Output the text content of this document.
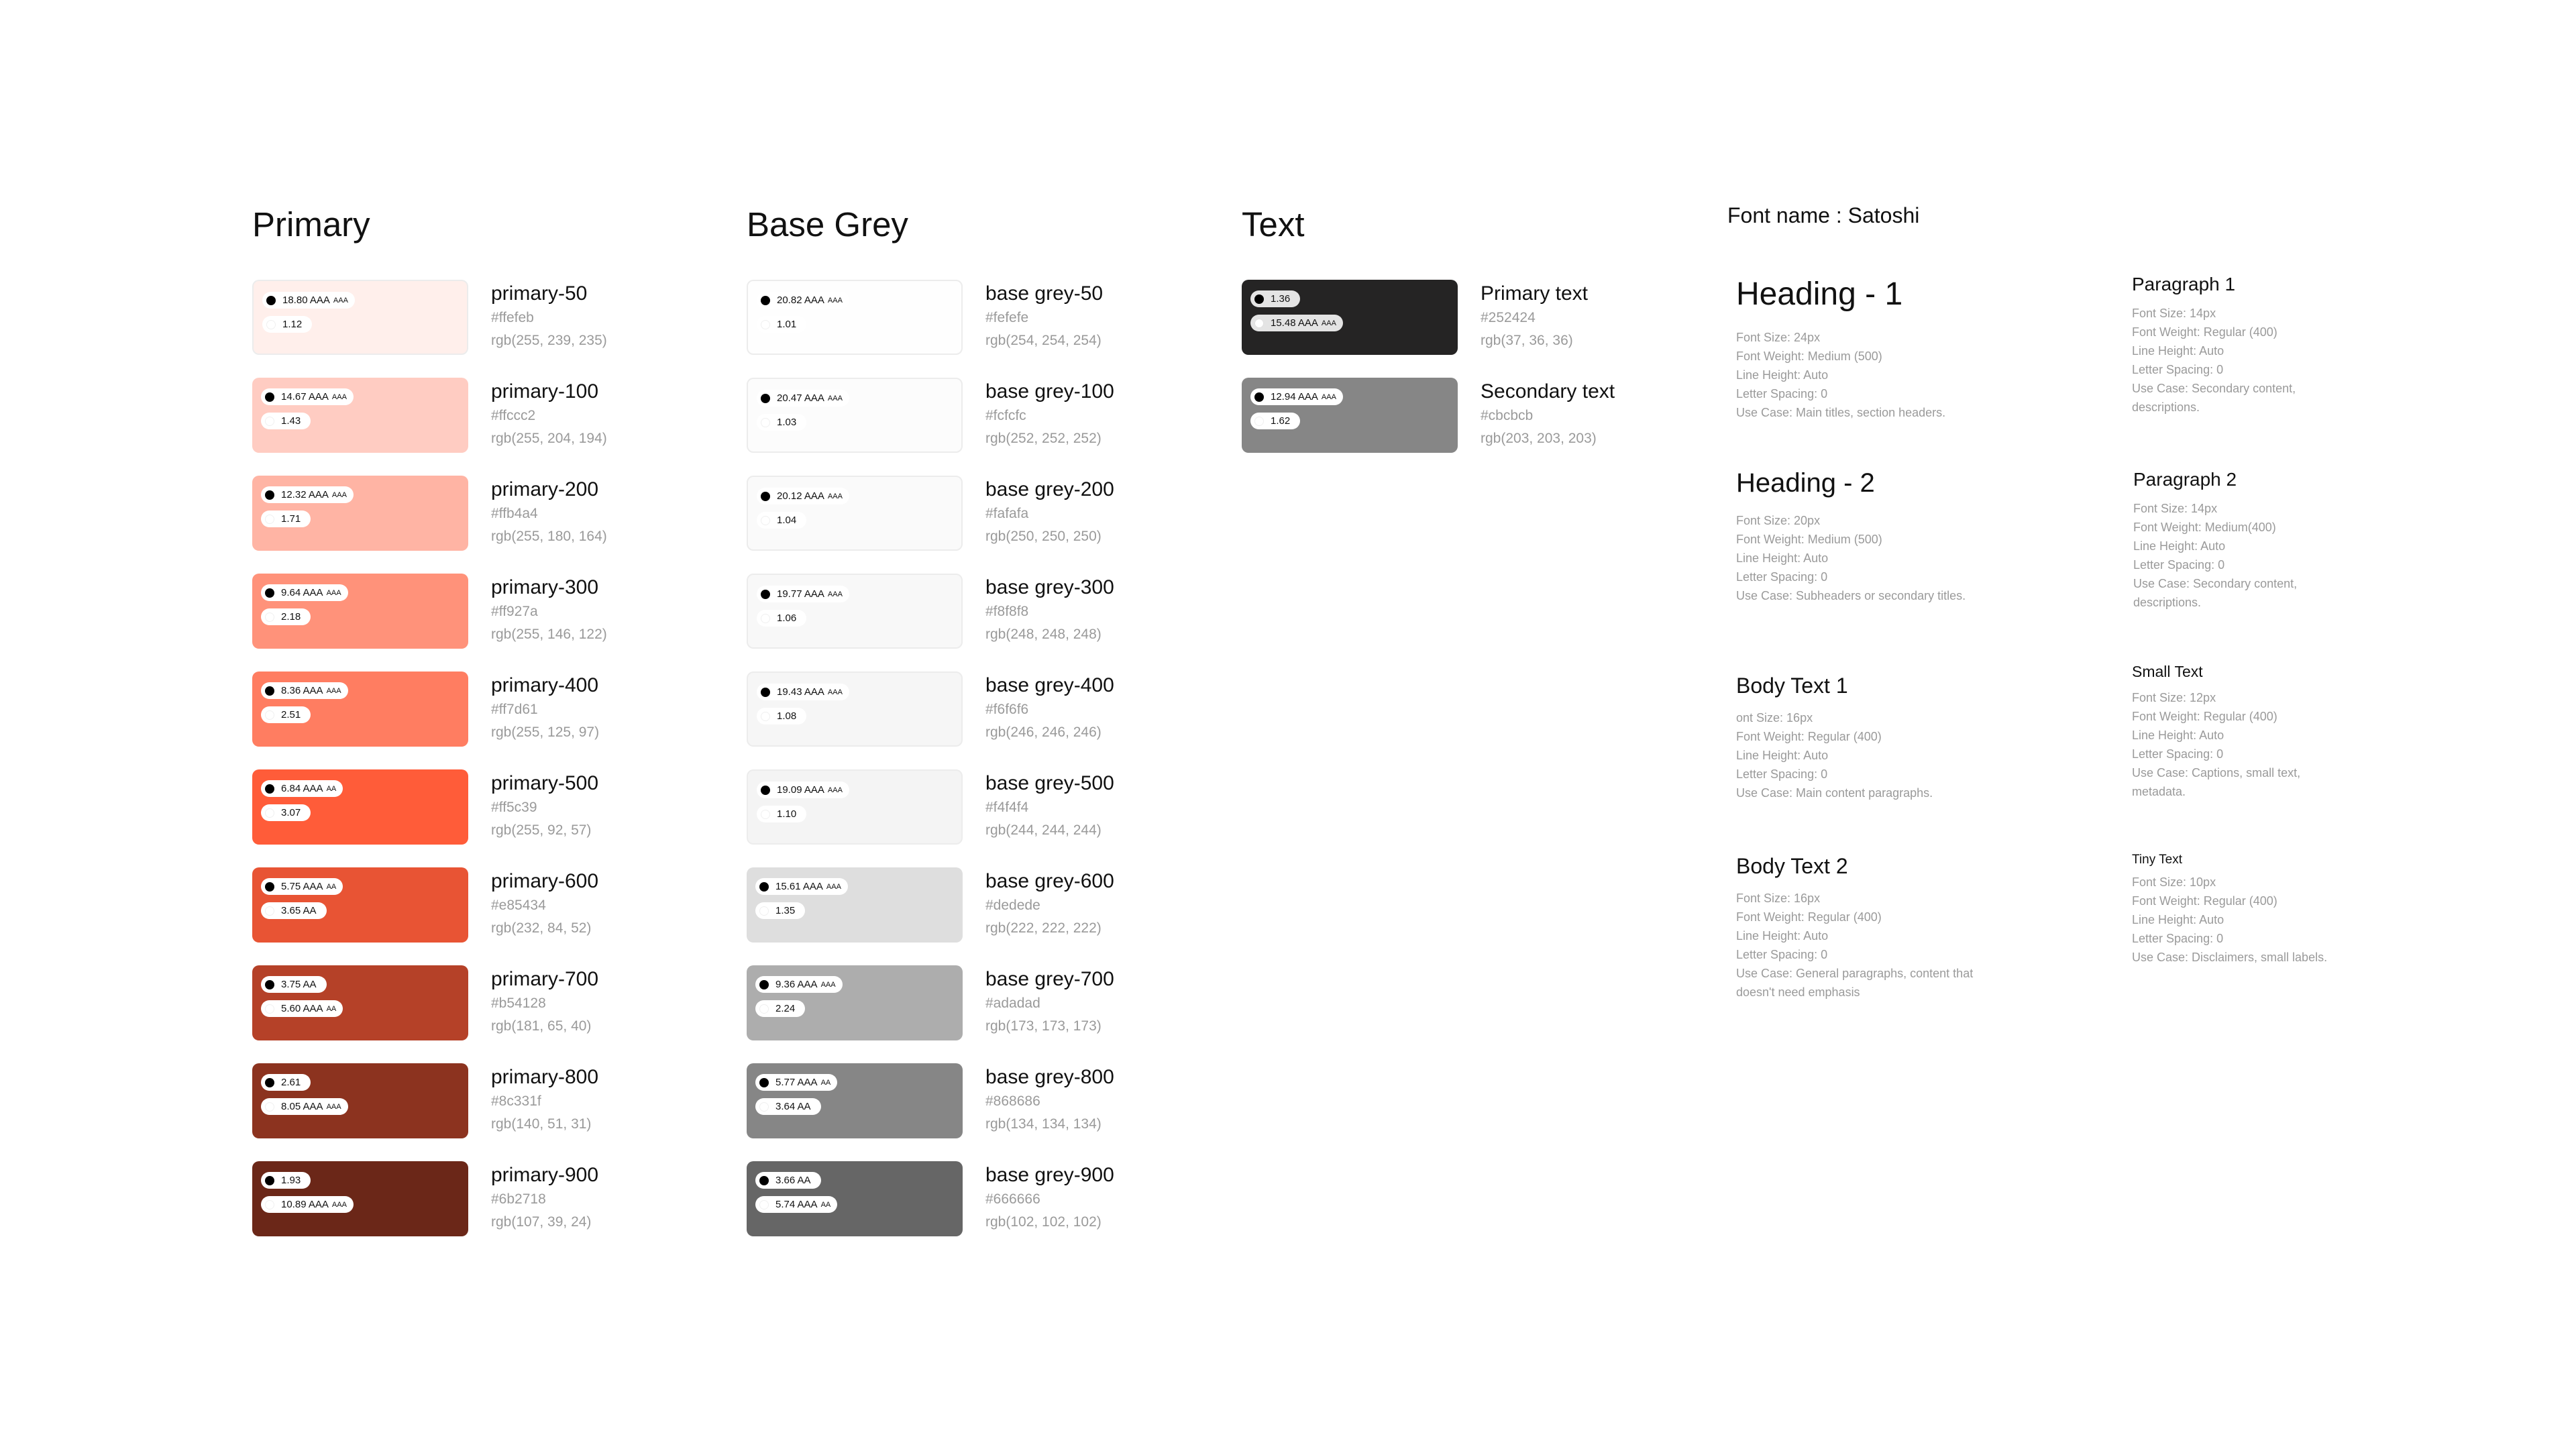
Primary
18.80 AAA AAA
1.12
primary-50
#ffefeb
rgb(255, 239, 235)
14.67 AAA AAA
1.43
primary-100
#ffccc2
rgb(255, 204, 194)
12.32 AAA AAA
1.71
primary-200
#ffb4a4
rgb(255, 180, 164)
9.64 AAA AAA
2.18
primary-300
#ff927a
rgb(255, 146, 122)
8.36 AAA AAA
2.51
primary-400
#ff7d61
rgb(255, 125, 97)
6.84 AAA AA
3.07
primary-500
#ff5c39
rgb(255, 92, 57)
5.75 AAA AA
3.65 AA
primary-600
#e85434
rgb(232, 84, 52)
3.75 AA
5.60 AAA AA
primary-700
#b54128
rgb(181, 65, 40)
2.61
8.05 AAA AAA
primary-800
#8c331f
rgb(140, 51, 31)
1.93
10.89 AAA AAA
primary-900
#6b2718
rgb(107, 39, 24)
Base Grey
20.82 AAA AAA
1.01
base grey-50
#fefefe
rgb(254, 254, 254)
20.47 AAA AAA
1.03
base grey-100
#fcfcfc
rgb(252, 252, 252)
20.12 AAA AAA
1.04
base grey-200
#fafafa
rgb(250, 250, 250)
19.77 AAA AAA
1.06
base grey-300
#f8f8f8
rgb(248, 248, 248)
19.43 AAA AAA
1.08
base grey-400
#f6f6f6
rgb(246, 246, 246)
19.09 AAA AAA
1.10
base grey-500
#f4f4f4
rgb(244, 244, 244)
15.61 AAA AAA
1.35
base grey-600
#dedede
rgb(222, 222, 222)
9.36 AAA AAA
2.24
base grey-700
#adadad
rgb(173, 173, 173)
5.77 AAA AA
3.64 AA
base grey-800
#868686
rgb(134, 134, 134)
3.66 AA
5.74 AAA AA
base grey-900
#666666
rgb(102, 102, 102)
Text
1.36
15.48 AAA AAA
Primary text
#252424
rgb(37, 36, 36)
12.94 AAA AAA
1.62
Secondary text
#cbcbcb
rgb(203, 203, 203)
Font name : Satoshi
Heading - 1
Font Size: 24px
Font Weight: Medium (500)
Line Height: Auto
Letter Spacing: 0
Use Case: Main titles, section headers.
Heading - 2
Font Size: 20px
Font Weight: Medium (500)
Line Height: Auto
Letter Spacing: 0
Use Case: Subheaders or secondary titles.
Body Text 1
ont Size: 16px
Font Weight: Regular (400)
Line Height: Auto
Letter Spacing: 0
Use Case: Main content paragraphs.
Body Text 2
Font Size: 16px
Font Weight: Regular (400)
Line Height: Auto
Letter Spacing: 0
Use Case: General paragraphs, content that doesn't need emphasis
Paragraph 1
Font Size: 14px
Font Weight: Regular (400)
Line Height: Auto
Letter Spacing: 0
Use Case: Secondary content, descriptions.
Paragraph 2
Font Size: 14px
Font Weight: Medium(400)
Line Height: Auto
Letter Spacing: 0
Use Case: Secondary content, descriptions.
Small Text
Font Size: 12px
Font Weight: Regular (400)
Line Height: Auto
Letter Spacing: 0
Use Case: Captions, small text, metadata.
Tiny Text
Font Size: 10px
Font Weight: Regular (400)
Line Height: Auto
Letter Spacing: 0
Use Case: Disclaimers, small labels.
